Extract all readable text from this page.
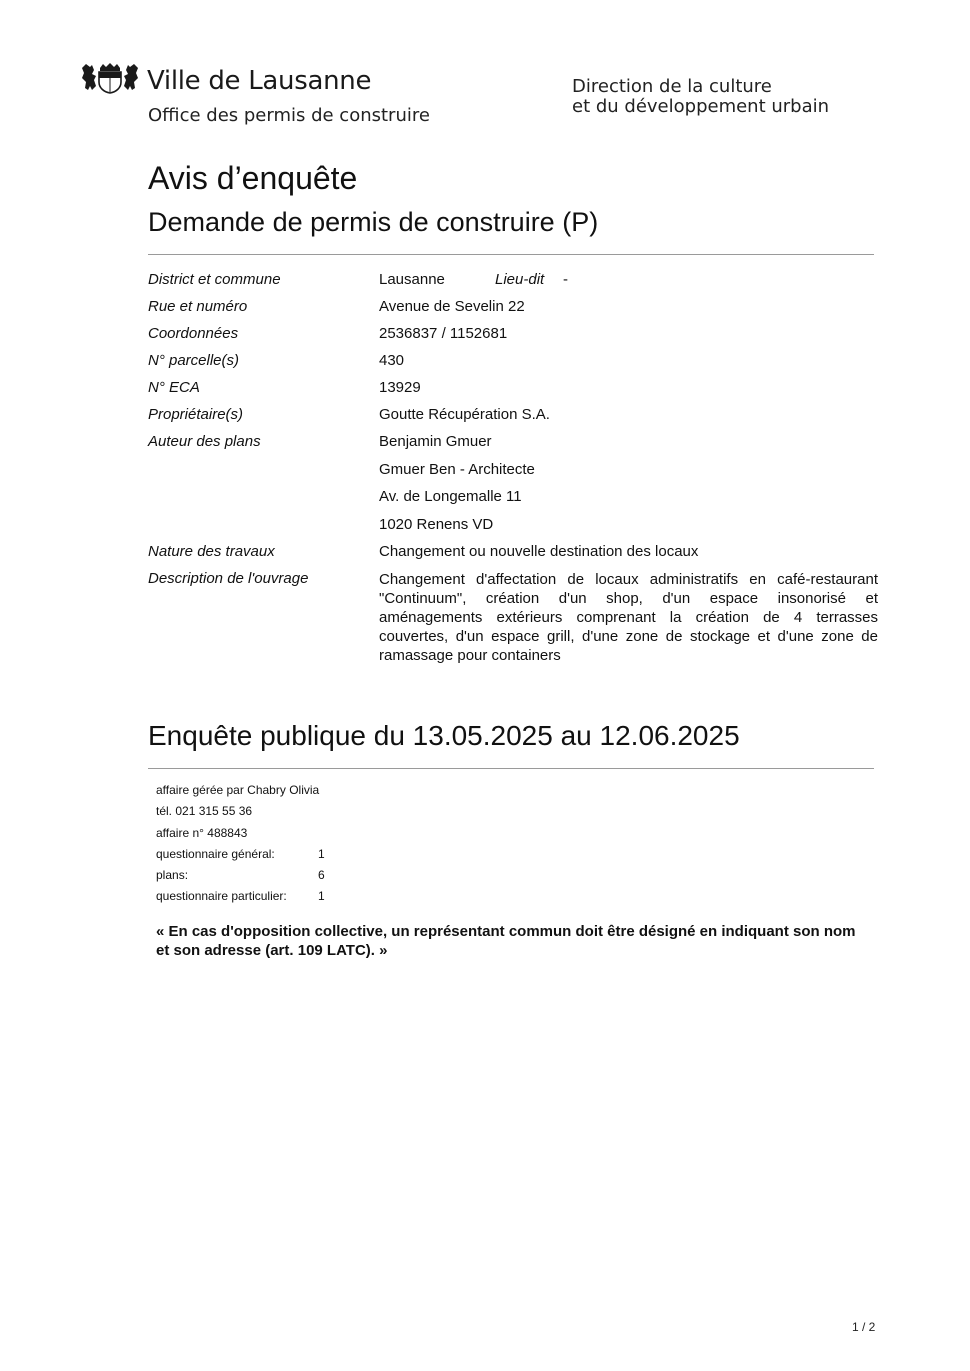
Ville de Lausanne
Office des permis de construire
Direction de la culture
et du développement urbain
Avis d’enquête
Demande de permis de construire (P)
District et commune	Lausanne	Lieu-dit -
Rue et numéro	Avenue de Sevelin 22
Coordonnées	2536837 / 1152681
N° parcelle(s)	430
N° ECA	13929
Propriétaire(s)	Goutte Récupération S.A.
Auteur des plans	Benjamin Gmuer
Gmuer Ben - Architecte
Av. de Longemalle 11
1020 Renens VD
Nature des travaux	Changement ou nouvelle destination des locaux
Description de l'ouvrage	Changement d'affectation de locaux administratifs en café-restaurant "Continuum", création d'un shop, d'un espace insonorisé et aménagements extérieurs comprenant la création de 4 terrasses couvertes, d'un espace grill, d'une zone de stockage et d'une zone de ramassage pour containers
Enquête publique du 13.05.2025 au 12.06.2025
affaire gérée par Chabry Olivia
tél. 021 315 55 36
affaire n° 488843
questionnaire général:	1
plans:	6
questionnaire particulier:	1
« En cas d'opposition collective, un représentant commun doit être désigné en indiquant son nom et son adresse (art. 109 LATC). »
1 / 2
